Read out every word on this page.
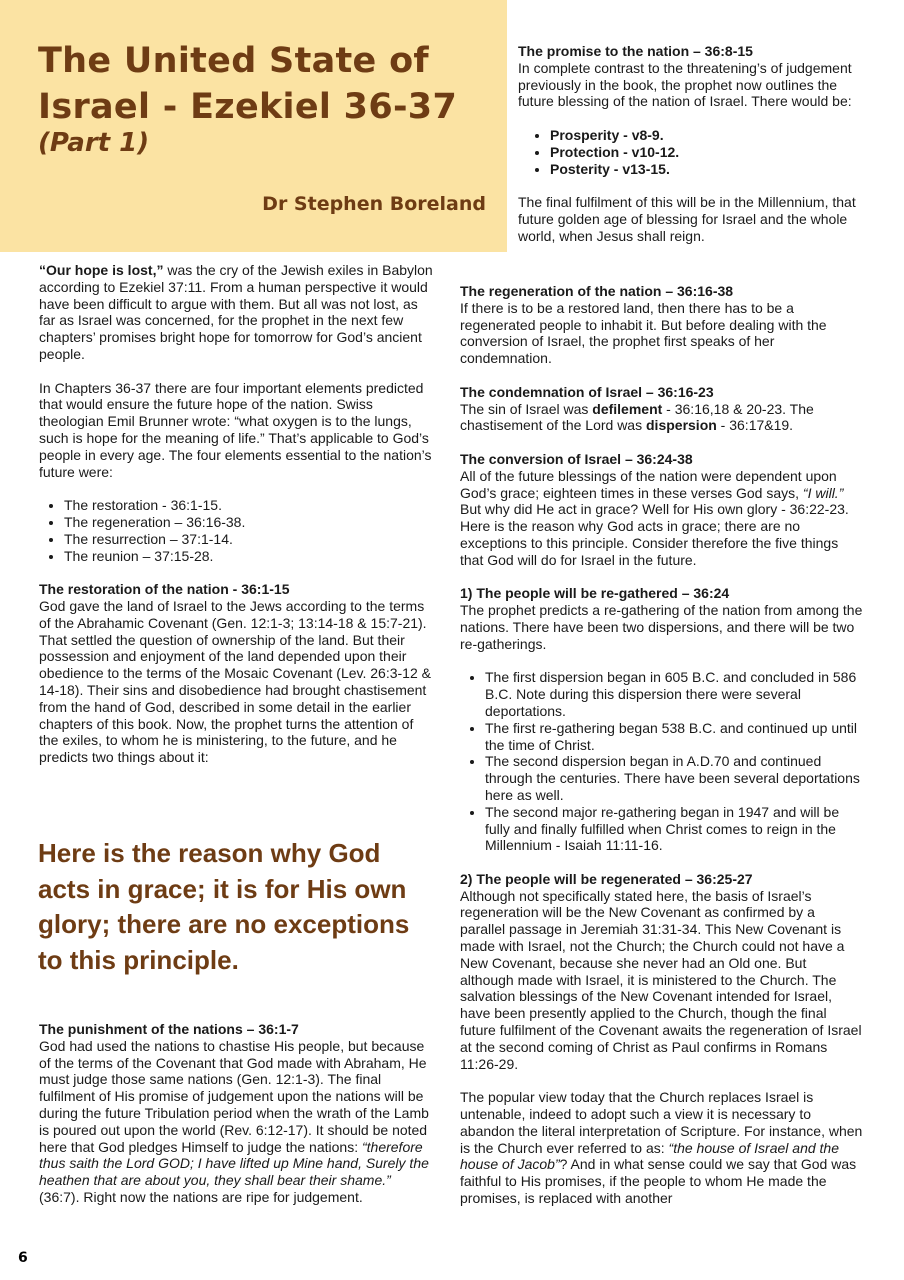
The United State of
Israel - Ezekiel 36-37

(Part 1)

Dr Stephen Boreland

“Our hope is lost,” was the cry of the Jewish exiles in Babylon according to Ezekiel 37:11. From a human perspective it would have been difficult to argue with them. But all was not lost, as far as Israel was concerned, for the prophet in the next few chapters’ promises bright hope for tomorrow for God’s ancient people.

In Chapters 36-37 there are four important elements predicted that would ensure the future hope of the nation. Swiss theologian Emil Brunner wrote: “what oxygen is to the lungs, such is hope for the meaning of life.” That’s applicable to God’s people in every age. The four elements essential to the nation’s future were:

• The restoration - 36:1-15.
• The regeneration – 36:16-38.
• The resurrection – 37:1-14.
• The reunion – 37:15-28.
The restoration of the nation - 36:1-15

God gave the land of Israel to the Jews according to the terms of the Abrahamic Covenant (Gen. 12:1-3; 13:14-18 & 15:7-21). That settled the question of ownership of the land. But their possession and enjoyment of the land depended upon their obedience to the terms of the Mosaic Covenant (Lev. 26:3-12 & 14-18). Their sins and disobedience had brought chastisement from the hand of God, described in some detail in the earlier chapters of this book. Now, the prophet turns the attention of the exiles, to whom he is ministering, to the future, and he predicts two things about it:

Here is the reason why God acts in grace; it is for His own glory; there are no exceptions to this principle.

The punishment of the nations – 36:1-7

God had used the nations to chastise His people, but because of the terms of the Covenant that God made with Abraham, He must judge those same nations (Gen. 12:1-3). The final fulfilment of His promise of judgement upon the nations will be during the future Tribulation period when the wrath of the Lamb is poured out upon the world (Rev. 6:12-17). It should be noted here that God pledges Himself to judge the nations: “therefore thus saith the Lord GOD; I have lifted up Mine hand, Surely the heathen that are about you, they shall bear their shame.” (36:7). Right now the nations are ripe for judgement.

The promise to the nation – 36:8-15

In complete contrast to the threatening’s of judgement previously in the book, the prophet now outlines the future blessing of the nation of Israel. There would be:

• Prosperity - v8-9.
• Protection - v10-12.
• Posterity - v13-15.

The final fulfilment of this will be in the Millennium, that future golden age of blessing for Israel and the whole world, when Jesus shall reign.

The regeneration of the nation – 36:16-38

If there is to be a restored land, then there has to be a regenerated people to inhabit it. But before dealing with the conversion of Israel, the prophet first speaks of her condemnation.

The condemnation of Israel – 36:16-23

The sin of Israel was defilement - 36:16,18 & 20-23. The chastisement of the Lord was dispersion - 36:17&19.

The conversion of Israel – 36:24-38

All of the future blessings of the nation were dependent upon God’s grace; eighteen times in these verses God says, “I will.” But why did He act in grace? Well for His own glory - 36:22-23. Here is the reason why God acts in grace; there are no exceptions to this principle. Consider therefore the five things that God will do for Israel in the future.

1) The people will be re-gathered – 36:24

The prophet predicts a re-gathering of the nation from among the nations. There have been two dispersions, and there will be two re-gatherings.

• The first dispersion began in 605 B.C. and concluded in 586 B.C. Note during this dispersion there were several deportations.
• The first re-gathering began 538 B.C. and continued up until the time of Christ.
• The second dispersion began in A.D.70 and continued through the centuries. There have been several deportations here as well.
• The second major re-gathering began in 1947 and will be fully and finally fulfilled when Christ comes to reign in the Millennium - Isaiah 11:11-16.
2) The people will be regenerated – 36:25-27

Although not specifically stated here, the basis of Israel’s regeneration will be the New Covenant as confirmed by a parallel passage in Jeremiah 31:31-34. This New Covenant is made with Israel, not the Church; the Church could not have a New Covenant, because she never had an Old one. But although made with Israel, it is ministered to the Church. The salvation blessings of the New Covenant intended for Israel, have been presently applied to the Church, though the final future fulfilment of the Covenant awaits the regeneration of Israel at the second coming of Christ as Paul confirms in Romans 11:26-29.

The popular view today that the Church replaces Israel is untenable, indeed to adopt such a view it is necessary to abandon the literal interpretation of Scripture. For instance, when is the Church ever referred to as: “the house of Israel and the house of Jacob”? And in what sense could we say that God was faithful to His promises, if the people to whom He made the promises, is replaced with another

6
